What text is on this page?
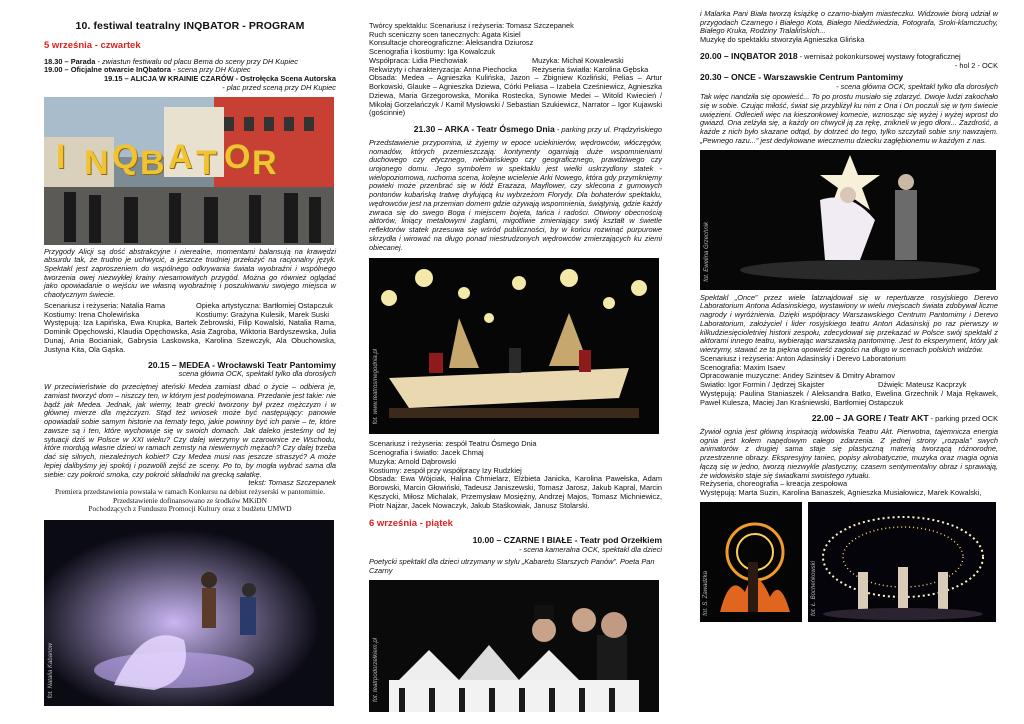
10. festiwal teatralny INQBATOR - PROGRAM
5 września - czwartek
18.30 – Parada - zwiastun festiwalu od placu Bema do sceny przy DH Kupiec
19.00 – Oficjalne otwarcie InQbatora - scena przy DH Kupiec
19.15 – ALICJA W KRAINIE CZARÓW - Ostrołęcka Scena Autorska
- plac przed sceną przy DH Kupiec
I N Q B A T O R
Przygody Alicji są dość abstrakcyjne i nierealne, momentami balansują na krawędzi absurdu tak, że trudno je uchwycić, a jeszcze trudniej przełożyć na racjonalny język. Spektakl jest zaproszeniem do wspólnego odkrywania świata wyobraźni i wspólnego tworzenia owej niezwykłej krainy niesamowitych przygód. Można go również oglądać jako opowiadanie o wejściu we własną wyobraźnię i poszukiwaniu swojego miejsca w chaotycznym świecie.
Scenariusz i reżyseria: Natalia Rama	Opieka artystyczna: Bartłomiej Ostapczuk
Kostiumy: Irena Cholewińska	Kostiumy: Grażyna Kulesik, Marek Suski
Występują: Iza Łapińska, Ewa Krupka, Bartek Zebrowski, Filip Kowalski, Natalia Rama, Dominik Opęchowski, Klaudia Opęchowska, Asia Zagroba, Wiktoria Bardyszewska, Julia Dunaj, Ania Bocianiak, Gabrysia Laskowska, Karolina Szewczyk, Ala Obuchowska, Justyna Kita, Ola Gąska.
20.15 – MEDEA - Wrocławski Teatr Pantomimy
scena główna OCK, spektakl tylko dla dorosłych
W przeciwieństwie do przeciętnej ateński Medea zamiast dbać o życie – odbiera je, zamiast tworzyć dom – niszczy ten, w którym jest podejmowana. Przedanie jest takie: nie bądź jak Medea. Jednak, jak wiemy, teatr grecki tworzony był przez mężczyzn i w głównej mierze dla mężczyzn. Stąd też wniosek może być następujący: panowie opowiadali sobie samym historie na tematy tego, jakie powinny być ich panie – te, które zawsze są i ten, które wychowuje się w swoich domach. Jak daleko jesteśmy od tej sytuacji dziś w Polsce w XXI wieku? Czy dalej wierzymy w czarownice ze Wschodu, które mordują własne dzieci w ramach zemsty na niewiernych mężach? Czy dalej trzeba dać się silnych, niezależnych kobiet? Czy Medea musi nas jeszcze straszyć? A może lepiej dalibyśmy jej spokój i pozwolili zejść ze sceny. Po to, by mogła wybrać sama dla siebie: czy pokroić smoka, czy pokroić składniki na grecką sałatkę.
tekst: Tomasz Szczepanek
Premiera przedstawienia powstała w ramach Konkursu na debiut reżyserski w pantomimie.
Przedstawienie dofinansowano ze środków MKiDN
Pochodzących z Funduszu Promocji Kultury oraz z budżetu UMWD
fot. Natalia Kabanow
Twórcy spektaklu: Scenariusz i reżyseria: Tomasz Szczepanek
Ruch sceniczny scen tanecznych: Agata Kisiel
Konsultacje choreograficzne: Aleksandra Dziurosz
Scenografia i kostiumy: Iga Kowalczuk
Współpraca: Lidia Piechowiak	Muzyka: Michał Kowalewski
Rekwizyty i charakteryzacja: Anna Piechocka Reżyseria światła: Karolina Gębska
Obsada: Medea – Agnieszka Kulińska, Jazon – Zbigniew Kozłiński, Pelias – Artur Borkowski, Glauke – Agnieszka Dziewa, Córki Peliasa – Izabela Cześniewicz, Agnieszka Dziewa, Maria Grzegorowska, Monika Rostecka, Synowie Medei – Witold Kwiecień / Mikołaj Gorzelańczyk / Kamil Mysłowski / Sebastian Szukiewicz, Narrator – Igor Kujawski (gościnnie)
21.30 – ARKA - Teatr Ósmego Dnia - parking przy ul. Prądzyńskiego
Przedstawienie przypomina, iż żyjemy w epoce uciekinierów, wędrowców, włóczęgów, nomadów, których przemieszczają: kontynenty ogarniają duże wspomnieniami duchowego czy etycznego, niebiańskiego czy geograficznego, prawdziwego czy urojonego domu. Jego symbolem w spektaklu jest wielki uskrzydlony statek - wielopoziomowa, ruchoma scena, kolejne wcielenie Arki Nowego, która gdy przymknięmy powieki może przenbrać się w łódź Erazaza, Mayflower, czy sklecona z gumowych pontonów kubańską tratwę dryfującą ku wybrzeżom Florydy. Dla bohaterów spektaklu, wędrowców jest na przemian domem gdzie ożywają wspomnienia, świątynią, gdzie każdy zwraca się do swego Boga i miejscem bojeta, tańca i radości. Otwiony obecnością aktorów, liniący metalowymi żaglami, migotliwie zmieniający swój kształt w świetle reflektorów statek przesuwa się wśród publiczności, by w końcu rozwinąć purpurowe skrzydła i wirować na długo ponad niestrudzonych wędrowców zmierzających ku ziemi obiecanej.
fot. www.teatrosmegodnia.pl
Scenariusz i reżyseria: zespół Teatru Ósmego Dnia
Scenografia i światło: Jacek Chmaj
Muzyka: Arnold Dąbrowski
Kostiumy: zespół przy współpracy Izy Rudzkiej
Obsada: Ewa Wójciak, Halina Chmielarz, Elżbieta Janicka, Karolina Pawełska, Adam Borowski, Marcin Głowiński, Tadeusz Janiszewski, Tomasz Jarosz, Jakub Kapral, Marcin Kęszycki, Miłosz Michalak, Przemysław Mosiężny, Andrzej Majos, Tomasz Michniewicz, Piotr Najżar, Jacek Nowaczyk, Jakub Staśkowiak, Janusz Stolarski.
6 września - piątek
10.00 – CZARNE I BIAŁE - Teatr pod Orzełkiem
- scena kameralna OCK, spektakl dla dzieci
Poetycki spektakl dla dzieci utrzymany w stylu „Kabaretu Starszych Panów”. Poeta Pan Czarny
fot. teatrpodorzelkiem.pl
i Malarka Pani Biała tworzą książkę o czarno-białym miasteczku. Widzowie biorą udział w przygodach Czarnego i Białego Kota, Białego Niedźwiedzia, Fotografa, Sroki-klamczuchy, Białego Kruka, Rodziny Tralalińskich...
Muzykę do spektaklu stworzyła Agnieszka Glińska
20.00 – INQBATOR 2018 - wernisaż pokonkursowej wystawy fotograficznej
- hol 2 - OCK
20.30 – ONCE - Warszawskie Centrum Pantomimy
- scena główna OCK, spektakl tylko dla dorosłych
Tak więc nandziła się opowieść... To po prostu musiało się zdarzyć. Dwoje ludzi zakochało się w sobie. Czując miłość, świat się przybliżył ku nim z Ona i On poczuli się w tym świecie uwięzieni. Odlecieli więc na kieszonkowej komecie, wznosząc się wyżej i wyżej wprost do gwiazd. Ona zelżyła się, a każdy on chwycił ją za rękę, znikneli w jego dłoni... Zazdrość, a każde z nich było skazane odtąd, by dotrzeć do tego, tylko szczytali sobie sny nawzajem. „Pewnego razu...” jest dedykowane wiecznemu dziecku zagłębionemu w każdym z nas.
fot. Ewelina Grzechnik
Spektakl „Once” przez wiele latznajdował się w repertuarze rosyjskiego Derevo Laboratorium Antona Adasinskiego, wystawiony w wielu miejscach świata zdobywał liczne nagrody i wyróżnienia. Dzięki współpracy Warszawskiego Centrum Pantomimy i Derevo Laboratorium, założyciel i lider rosyjskiego teatru Anton Adasinskij po raz pierwszy w kilkudziesięcioletniej historii zespołu, zdecydował się przekazać w Polsce swój spektakl z aktorami innego teatru, wybierając warszawską pantomimę. Jest to eksperyment, który jak wierzymy, stawać ze ta piękna opowieść zagości na długo w scenach polskich widzów.
Scenariusz i reżyseria: Anton Adasinsky i Derevo Laboratorium
Scenografia: Maxim Isaev
Opracowanie muzyczne: Andey Szintsev & Dmitry Abramov
Światło: Igor Formin / Jędrzej Skajster	Dźwięk: Mateusz Kacprzyk
Występują: Paulina Staniaszek / Aleksandra Batko, Ewelina Grzechnik / Maja Rękawek, Paweł Kulesza, Maciej Jan Kraśniewski, Bartłomiej Ostapczuk
22.00 – JA GORE / Teatr AKT - parking przed OCK
Żywioł ognia jest główną inspiracją widowiska Teatru Akt. Pierwotna, tajemnicza energia ognia jest kołem napędowym całego zdarzenia. Z jednej strony „rozpala” swych animatorów z drugiej sama staje się plastyczną materią tworzącą różnorodne, przestrzenne obrazy. Ekspresyjny taniec, popisy akrobatyczne, muzyka oraz magia ognia łączą się w jedno, tworzą niezwykle plastyczny, czasem sentymentalny obraz i sprawiają, że widowisko staje się świadkami swoistego rytuału.
Reżyseria, choreografia – kreacja zespołowa
Występują: Marta Suzin, Karolina Banaszek, Agnieszka Musiałowicz, Marek Kowalski,
fot. S. Zawadzka	fot. Ł. Bocheńkowski
